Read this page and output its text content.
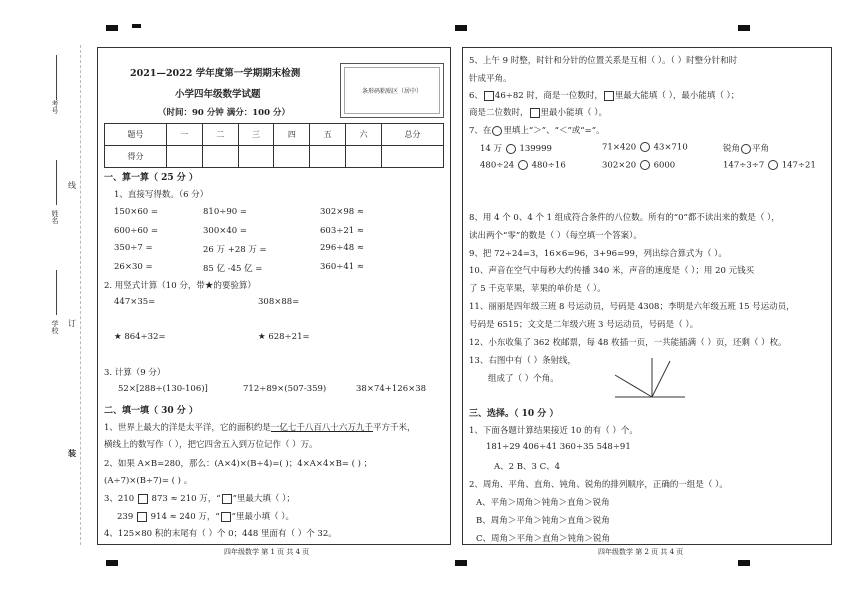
考号
姓名
学校
线
订
装
2021—2022 学年度第一学期期末检测
小学四年级数学试题
（时间：90 分钟 满分：100 分）
条形码粘贴区（居中）
题号	一	二	三	四	五	六	总分
得分							
一、算一算（ 25 分 ）
1、直接写得数。（6 分）
150×60 =	810÷90 =	302×98 ≈
600÷60 =	300×40 =	603÷21 ≈
350÷7 =	26 万 +28 万 =	296÷48 ≈
26×30 =	85 亿 -45 亿 =	360÷41 ≈
2. 用竖式计算（10 分，带★的要验算）
447×35=	308×88=
★ 864÷32=	★ 628÷21=
3. 计算（9 分）
52×[288÷(130-106)]	712÷89×(507-359)	38×74+126×38
二、填一填（ 30 分 ）
1、世界上最大的洋是太平洋，它的面积约是一亿七千八百八十六万九千平方千米，
横线上的数写作（ ），把它四舍五入到万位记作（ ）万。
2、如果 A×B=280，那么：(A×4)×(B÷4)=( )；4×A×4×B= ( ) ；
(A÷7)×(B÷7)= ( ) 。
3、210 873 ≈ 210 万，“ ”里最大填（ ）；
239 914 ≈ 240 万，“ ”里最小填（ ）。
4、125×80 积的末尾有（ ）个 0；448 里面有（ ）个 32。
四年级数学 第 1 页 共 4 页
5、上午 9 时整，时针和分针的位置关系是互相（ ）。（ ）时整分针和时
针成平角。
6、 46÷82 时，商是一位数时， 里最大能填（ ），最小能填（ ）；
商是二位数时， 里最小能填（ ）。
7、在 里填上“＞”、“＜”或“=”。
14 万 139999	71×420 43×710	锐角 平角
480÷24 480÷16	302×20 6000	147÷3÷7 147÷21
8、用 4 个 0、4 个 1 组成符合条件的八位数。所有的“0”都不读出来的数是（ ），
读出两个“零”的数是（ ）（每空填一个答案）。
9、把 72÷24=3，16×6=96，3+96=99，列出综合算式为（ ）。
10、声音在空气中每秒大约传播 340 米，声音的速度是（ ）；用 20 元钱买
了 5 千克苹果，苹果的单价是（ ）。
11、丽丽是四年级三班 8 号运动员，号码是 4308；李明是六年级五班 15 号运动员，
号码是 6515；文文是二年级六班 3 号运动员，号码是（ ）。
12、小东收集了 362 枚邮票，每 48 枚插一页，一共能插满（ ）页，还剩（ ）枚。
13、右图中有（ ）条射线，
组成了（ ）个角。
三、选择。（ 10 分 ）
1、下面各题计算结果接近 10 的有（ ）个。
181÷29 406÷41 360÷35 548÷91
A、2 B、3 C、4
2、周角、平角、直角、钝角、锐角的排列顺序，正确的一组是（ ）。
A、平角＞周角＞钝角＞直角＞锐角
B、周角＞平角＞钝角＞直角＞锐角
C、周角＞平角＞直角＞钝角＞锐角
四年级数学 第 2 页 共 4 页
